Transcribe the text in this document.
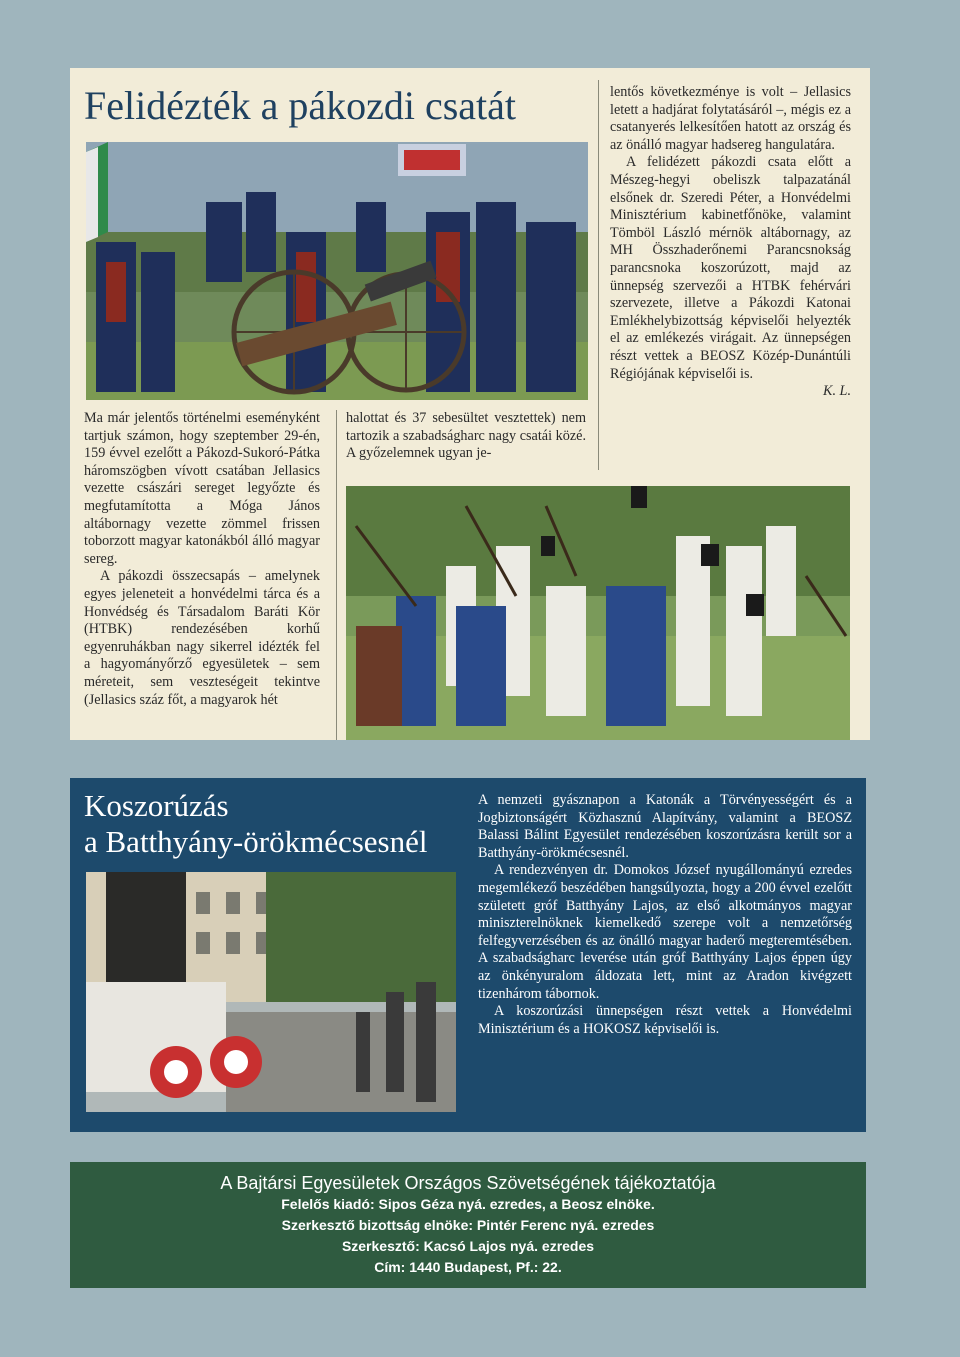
Felidézték a pákozdi csatát

Ma már jelentős történelmi eseményként tartjuk számon, hogy szeptember 29-én, 159 évvel ezelőtt a Pákozd-Sukoró-Pátka háromszögben vívott csatában Jellasics vezette császári sereget legyőzte és megfutamította a Móga János altábornagy vezette zömmel frissen toborzott magyar katonákból álló magyar sereg.

A pákozdi összecsapás – amelynek egyes jeleneteit a honvédelmi tárca és a Honvédség és Társadalom Baráti Kör (HTBK) rendezésében korhű egyenruhákban nagy sikerrel idézték fel a hagyományőrző egyesületek – sem méreteit, sem veszteségeit tekintve (Jellasics száz főt, a magyarok hét

halottat és 37 sebesültet vesztettek) nem tartozik a szabadságharc nagy csatái közé. A győzelemnek ugyan je-

lentős következménye is volt – Jellasics letett a hadjárat folytatásáról –, mégis ez a csatanyerés lelkesítően hatott az ország és az önálló magyar hadsereg hangulatára.

A felidézett pákozdi csata előtt a Mészeg-hegyi obeliszk talpazatánál elsőnek dr. Szeredi Péter, a Honvédelmi Minisztérium kabinetfőnöke, valamint Tömböl László mérnök altábornagy, az MH Összhaderőnemi Parancsnokság parancsnoka koszorúzott, majd az ünnepség szervezői a HTBK fehérvári szervezete, illetve a Pákozdi Katonai Emlékhelybizottság képviselői helyezték el az emlékezés virágait. Az ünnepségen részt vettek a BEOSZ Közép-Dunántúli Régiójának képviselői is.

K. L.

Koszorúzás
a Batthyány-örökmécsesnél

A nemzeti gyásznapon a Katonák a Törvényességért és a Jogbiztonságért Közhasznú Alapítvány, valamint a BEOSZ Balassi Bálint Egyesület rendezésében koszorúzásra került sor a Batthyány-örökmécsesnél.

A rendezvényen dr. Domokos József nyugállományú ezredes megemlékező beszédében hangsúlyozta, hogy a 200 évvel ezelőtt született gróf Batthyány Lajos, az első alkotmányos magyar miniszterelnöknek kiemelkedő szerepe volt a nemzetőrség felfegyverzésében és az önálló magyar haderő megteremtésében. A szabadságharc leverése után gróf Batthyány Lajos éppen úgy az önkényuralom áldozata lett, mint az Aradon kivégzett tizenhárom tábornok.

A koszorúzási ünnepségen részt vettek a Honvédelmi Minisztérium és a HOKOSZ képviselői is.

A Bajtársi Egyesületek Országos Szövetségének tájékoztatója
Felelős kiadó: Sipos Géza nyá. ezredes, a Beosz elnöke.
Szerkesztő bizottság elnöke: Pintér Ferenc nyá. ezredes
Szerkesztő: Kacsó Lajos nyá. ezredes
Cím: 1440 Budapest, Pf.: 22.
